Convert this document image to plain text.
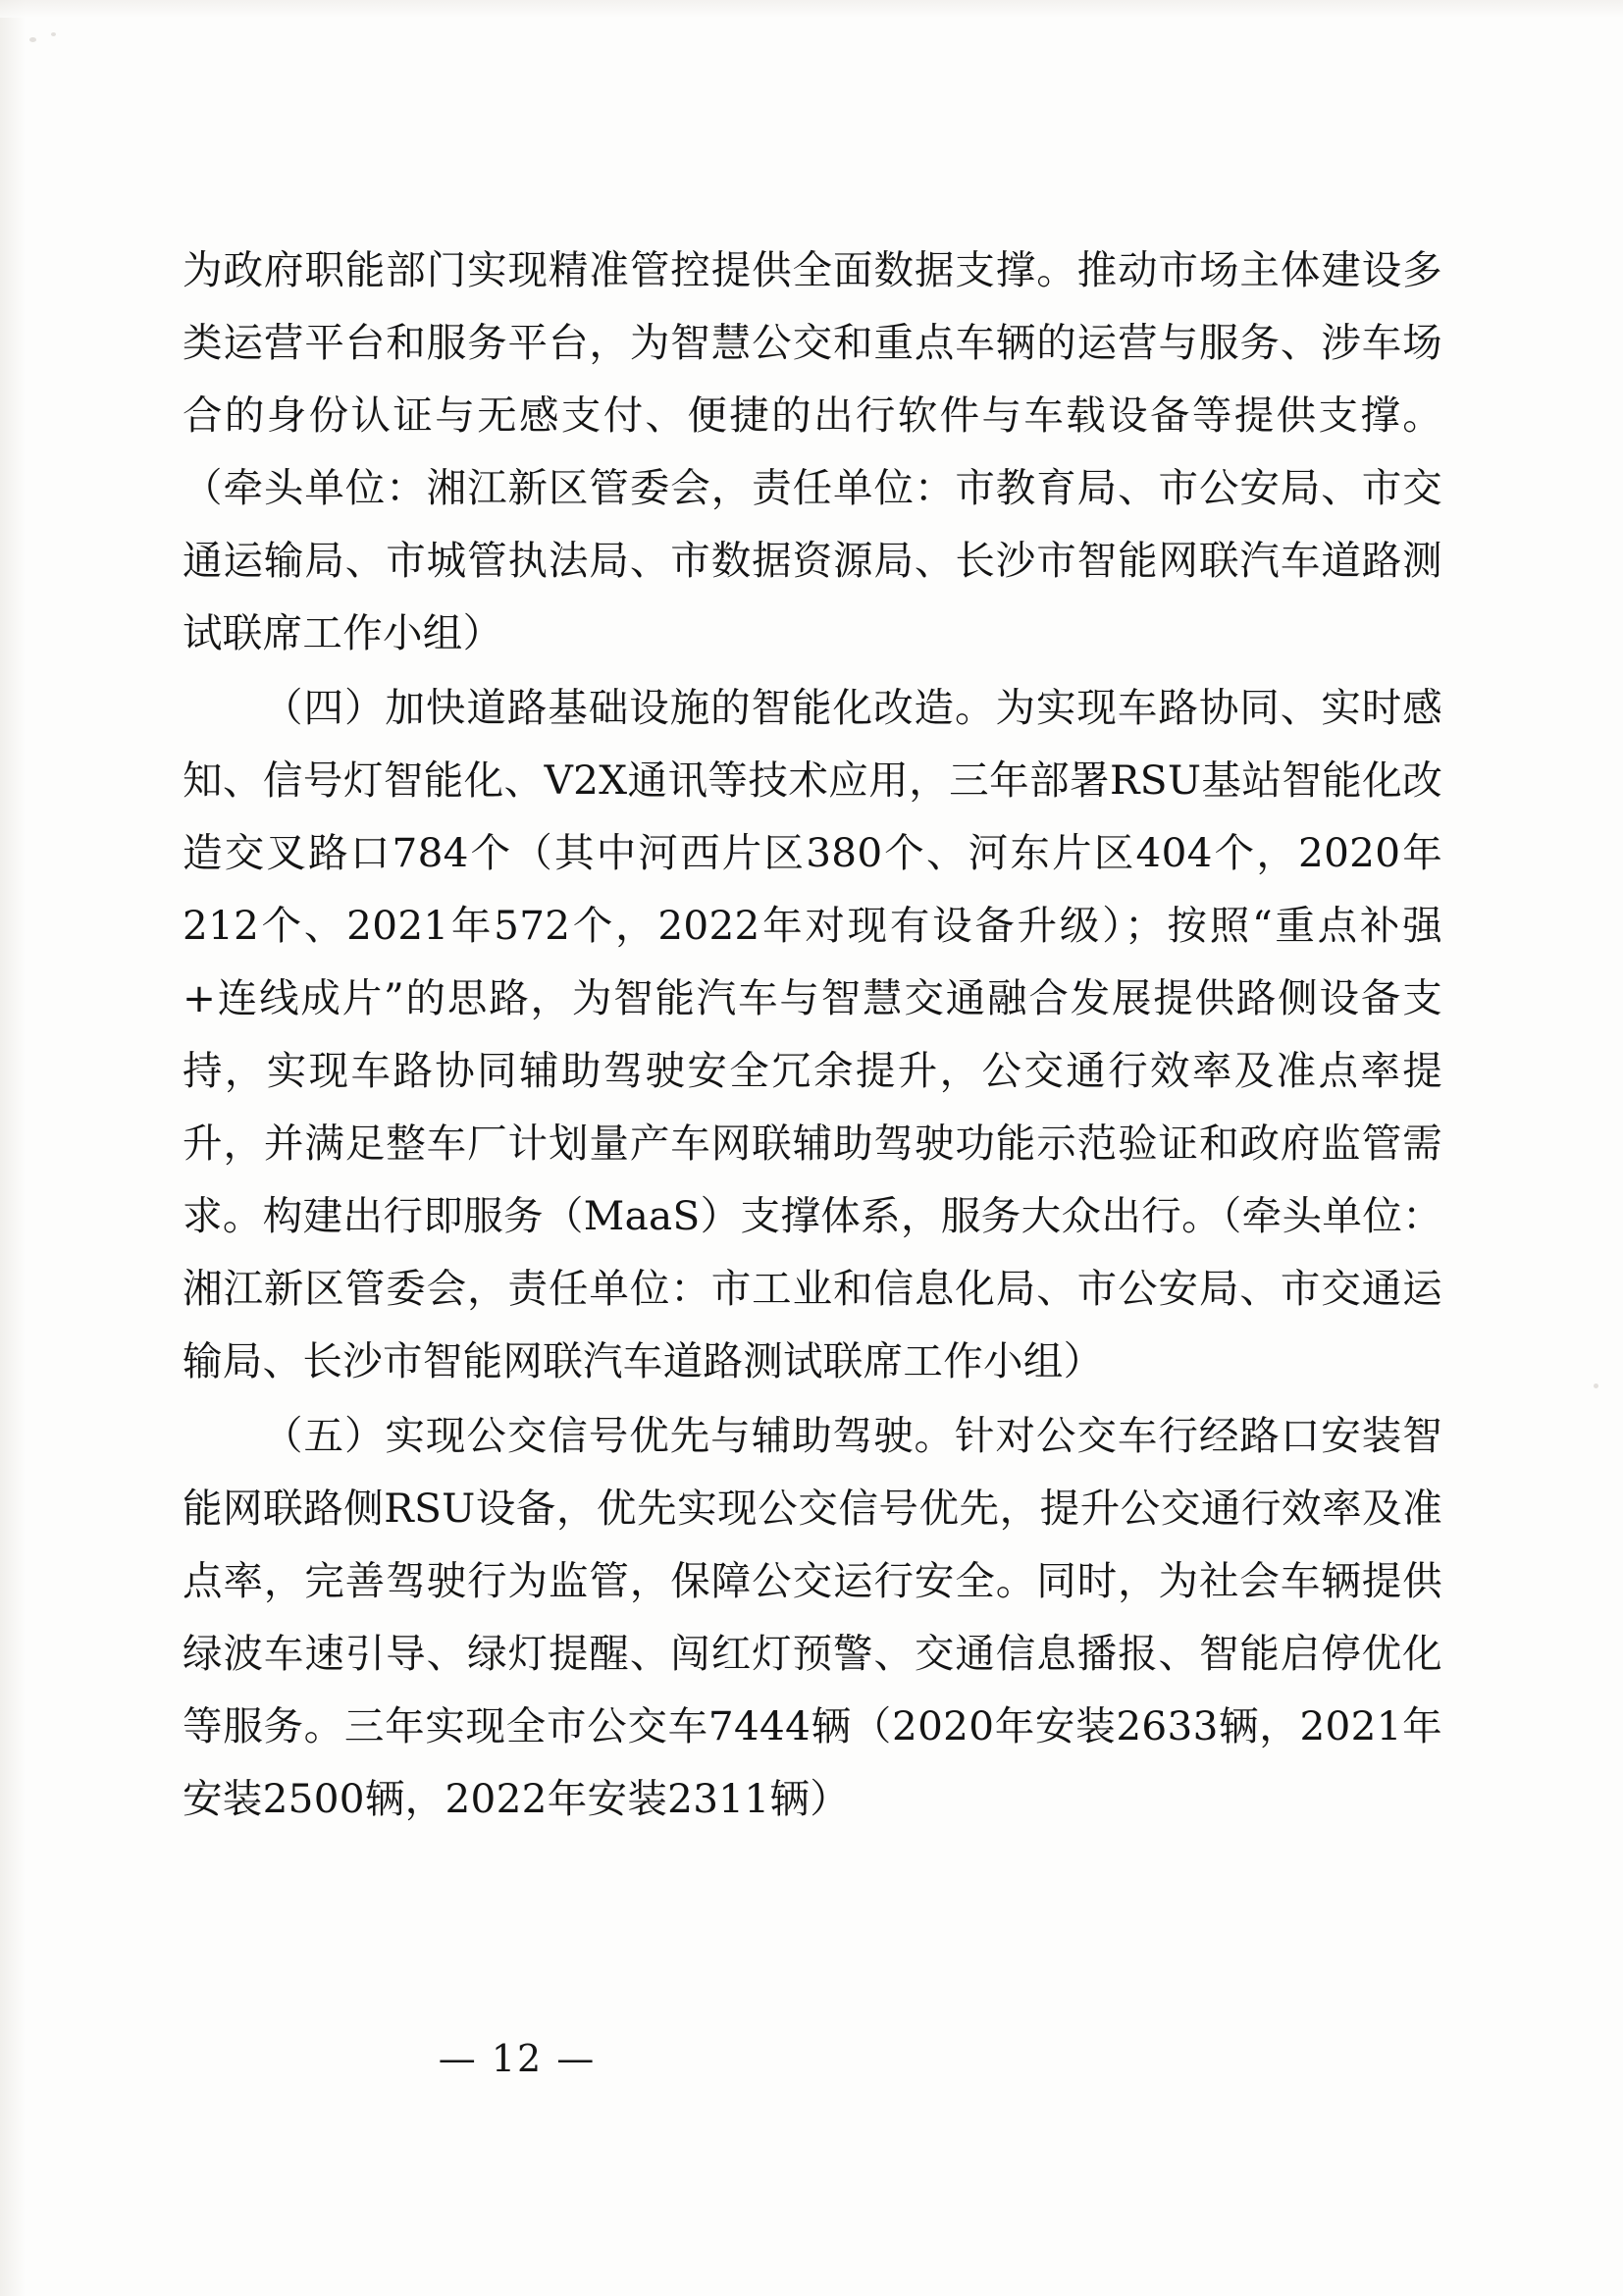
为政府职能部门实现精准管控提供全面数据支撑。推动市场主体建设多类运营平台和服务平台，为智慧公交和重点车辆的运营与服务、涉车场合的身份认证与无感支付、便捷的出行软件与车载设备等提供支撑。（牵头单位：湘江新区管委会，责任单位：市教育局、市公安局、市交通运输局、市城管执法局、市数据资源局、长沙市智能网联汽车道路测试联席工作小组）

（四）加快道路基础设施的智能化改造。为实现车路协同、实时感知、信号灯智能化、V2X通讯等技术应用，三年部署RSU基站智能化改造交叉路口784个（其中河西片区380个、河东片区404个，2020年212个、2021年572个，2022年对现有设备升级）；按照“重点补强+连线成片”的思路，为智能汽车与智慧交通融合发展提供路侧设备支持，实现车路协同辅助驾驶安全冗余提升，公交通行效率及准点率提升，并满足整车厂计划量产车网联辅助驾驶功能示范验证和政府监管需求。构建出行即服务（MaaS）支撑体系，服务大众出行。（牵头单位：湘江新区管委会，责任单位：市工业和信息化局、市公安局、市交通运输局、长沙市智能网联汽车道路测试联席工作小组）

（五）实现公交信号优先与辅助驾驶。针对公交车行经路口安装智能网联路侧RSU设备，优先实现公交信号优先，提升公交通行效率及准点率，完善驾驶行为监管，保障公交运行安全。同时，为社会车辆提供绿波车速引导、绿灯提醒、闯红灯预警、交通信息播报、智能启停优化等服务。三年实现全市公交车7444辆（2020年安装2633辆，2021年安装2500辆，2022年安装2311辆）

— 12 —
